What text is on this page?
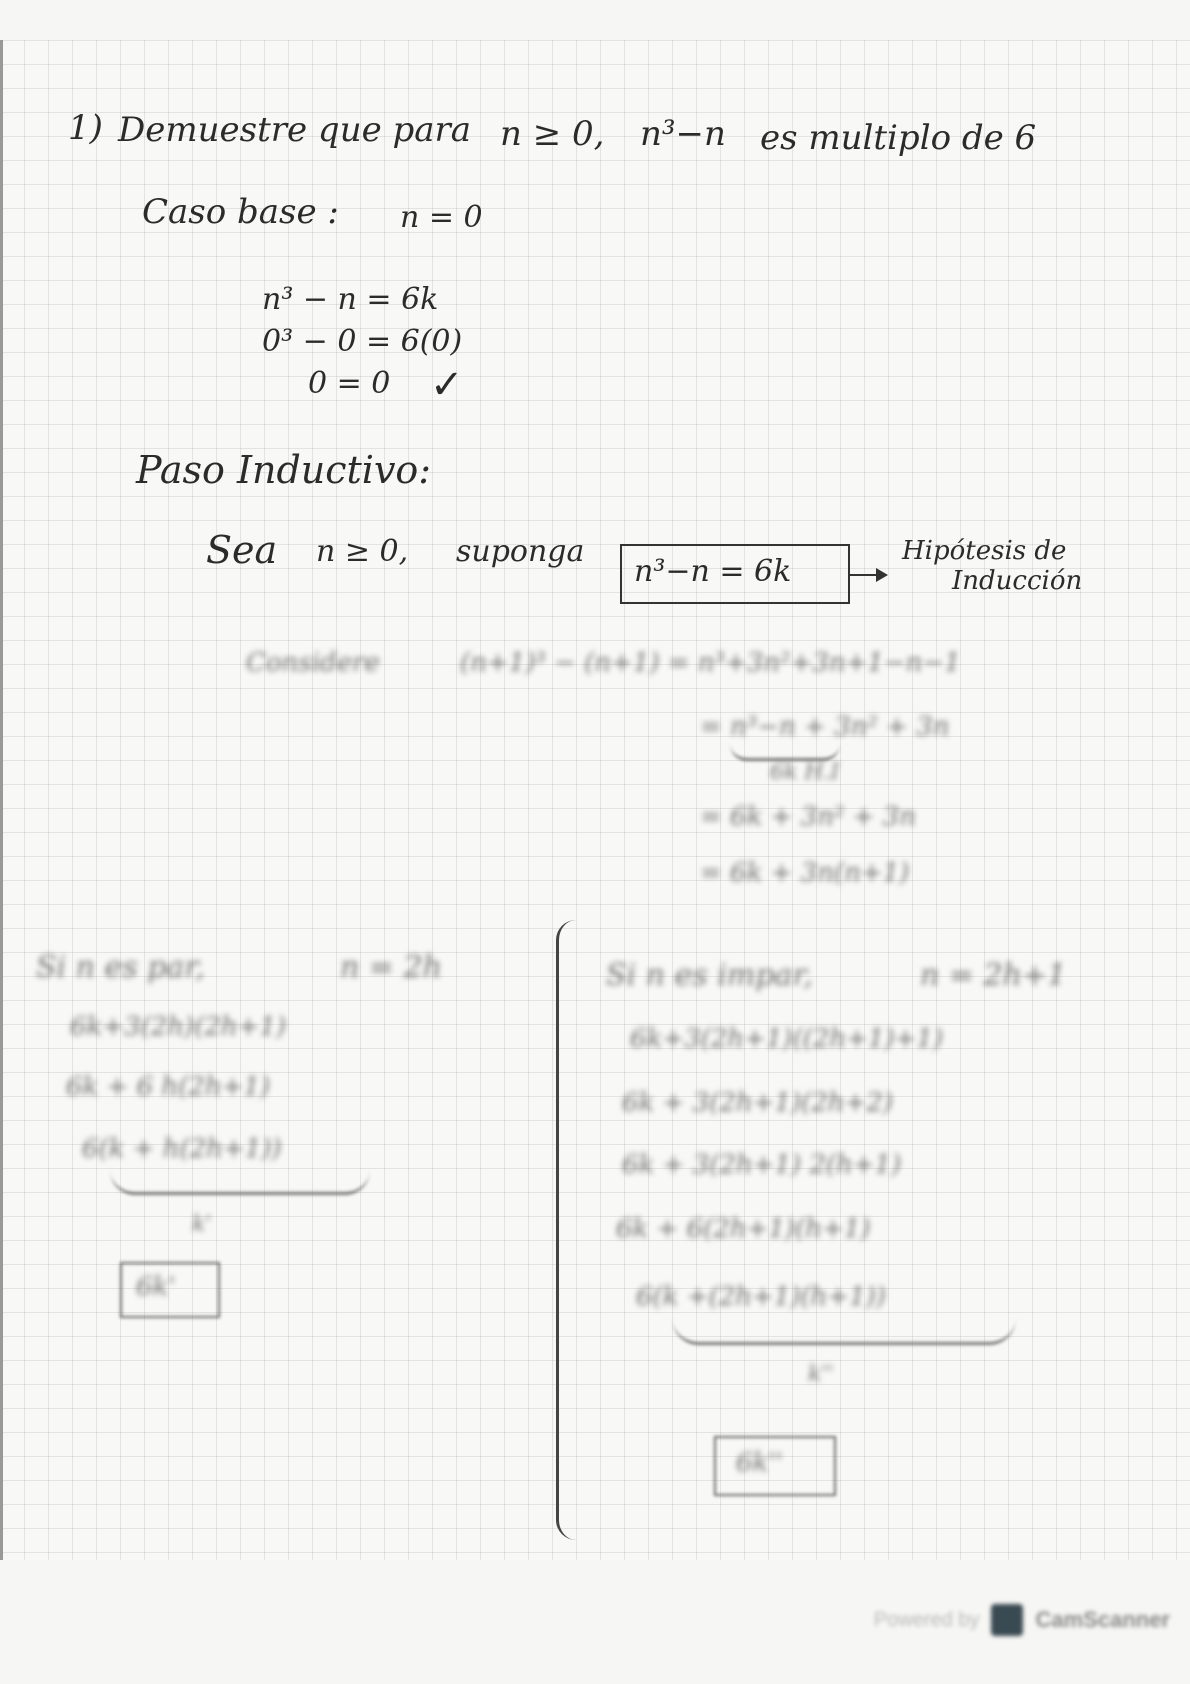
1) Demuestre que para n ≥ 0, n³−n es multiplo de 6
Caso base : n = 0
n³ − n = 6k
0³ − 0 = 6(0)
0 = 0 ✓
Paso Inductivo:
Sea n ≥ 0, suponga
n³−n = 6k
Hipótesis de
Inducción
Considere	(n+1)³ − (n+1) = n³+3n²+3n+1−n−1
= n³−n + 3n² + 3n
6k H.I
= 6k + 3n² + 3n
= 6k + 3n(n+1)
Si n es par,	n = 2h
6k+3(2h)(2h+1)
6k + 6 h(2h+1)
6(k + h(2h+1))
k'
6k'
Si n es impar,	n = 2h+1
6k+3(2h+1)((2h+1)+1)
6k + 3(2h+1)(2h+2)
6k + 3(2h+1) 2(h+1)
6k + 6(2h+1)(h+1)
6(k +(2h+1)(h+1))
k''
6k''
Powered by	CamScanner
